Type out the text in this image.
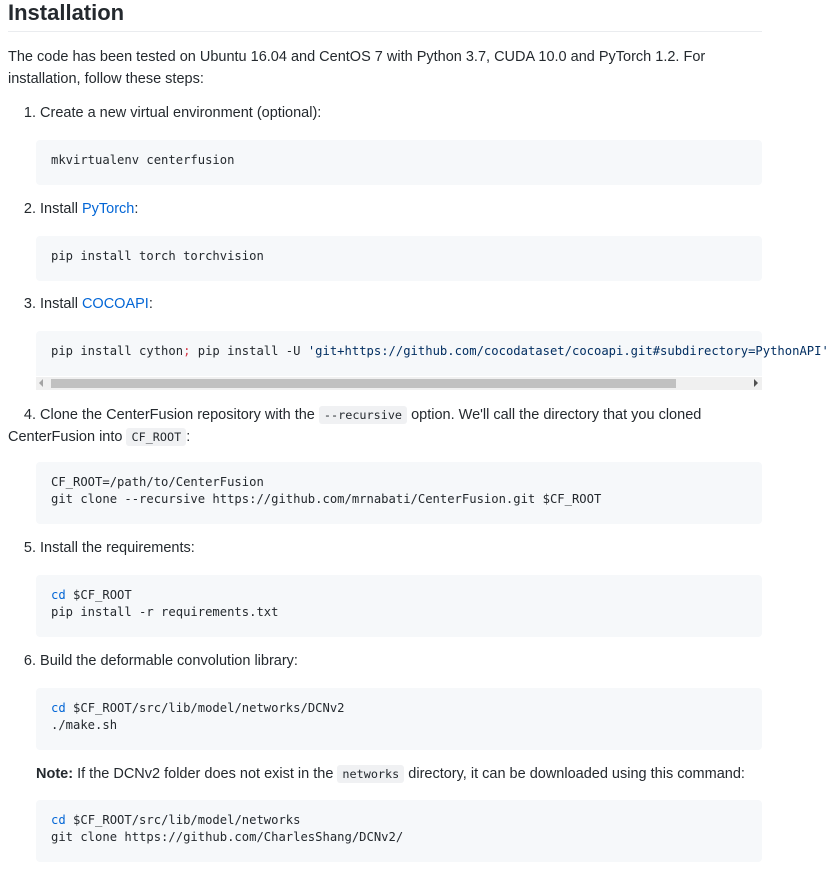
Installation

The code has been tested on Ubuntu 16.04 and CentOS 7 with Python 3.7, CUDA 10.0 and PyTorch 1.2. For installation, follow these steps:

1. Create a new virtual environment (optional):
mkvirtualenv centerfusion
2. Install PyTorch:
pip install torch torchvision
3. Install COCOAPI:
pip install cython; pip install -U 'git+https://github.com/cocodataset/cocoapi.git#subdirectory=PythonAPI'
4. Clone the CenterFusion repository with the --recursive option. We'll call the directory that you cloned CenterFusion into CF_ROOT :
CF_ROOT=/path/to/CenterFusion
git clone --recursive https://github.com/mrnabati/CenterFusion.git $CF_ROOT
5. Install the requirements:
cd $CF_ROOT
pip install -r requirements.txt
6. Build the deformable convolution library:
cd $CF_ROOT/src/lib/model/networks/DCNv2
./make.sh
Note: If the DCNv2 folder does not exist in the networks directory, it can be downloaded using this command:
cd $CF_ROOT/src/lib/model/networks
git clone https://github.com/CharlesShang/DCNv2/
